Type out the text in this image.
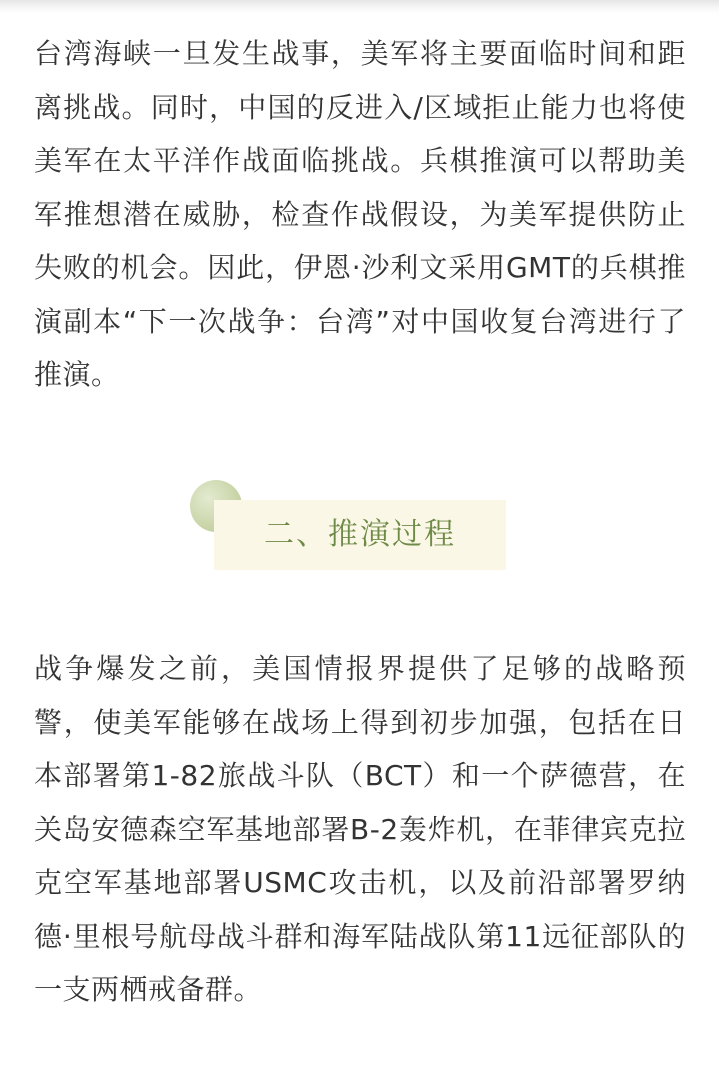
台湾海峡一旦发生战事，美军将主要面临时间和距离挑战。同时，中国的反进入/区域拒止能力也将使美军在太平洋作战面临挑战。兵棋推演可以帮助美军推想潜在威胁，检查作战假设，为美军提供防止失败的机会。因此，伊恩·沙利文采用GMT的兵棋推演副本“下一次战争：台湾”对中国收复台湾进行了推演。

二、推演过程

战争爆发之前，美国情报界提供了足够的战略预警，使美军能够在战场上得到初步加强，包括在日本部署第1-82旅战斗队（BCT）和一个萨德营，在关岛安德森空军基地部署B-2轰炸机，在菲律宾克拉克空军基地部署USMC攻击机，以及前沿部署罗纳德·里根号航母战斗群和海军陆战队第11远征部队的一支两栖戒备群。
